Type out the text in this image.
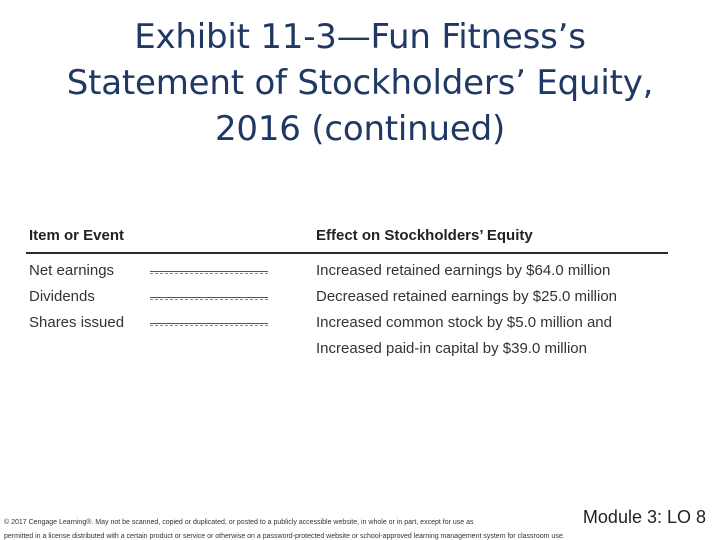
Exhibit 11-3—Fun Fitness’s
Statement of Stockholders’ Equity,
2016 (continued)
Item or Event	Effect on Stockholders’ Equity
Net earnings	Increased retained earnings by $64.0 million
Dividends	Decreased retained earnings by $25.0 million
Shares issued	Increased common stock by $5.0 million and
Increased paid-in capital by $39.0 million
© 2017 Cengage Learning®. May not be scanned, copied or duplicated, or posted to a publicly accessible website, in whole or in part, except for use as
permitted in a license distributed with a certain product or service or otherwise on a password-protected website or school-approved learning management system for classroom use.
Module 3: LO 8
